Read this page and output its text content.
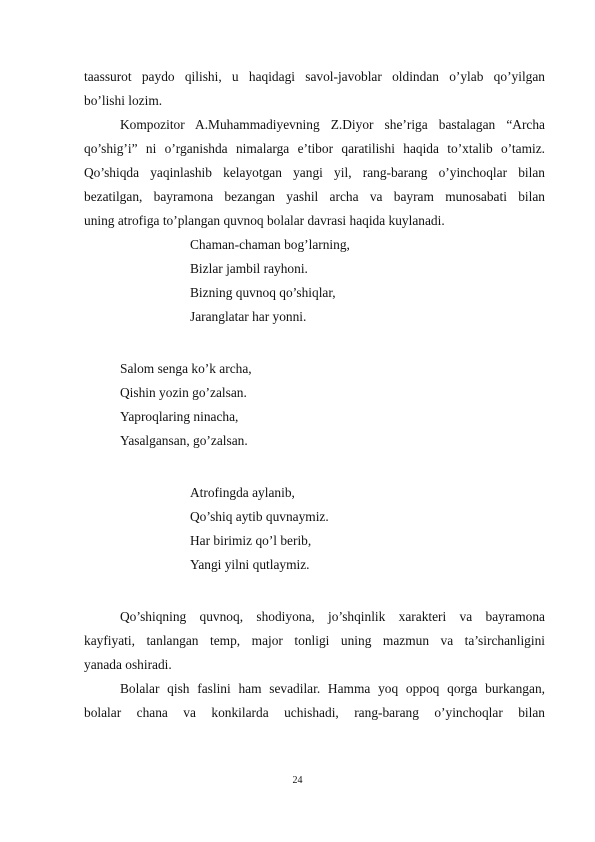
taassurot paydo qilishi, u haqidagi savol-javoblar oldindan o’ylab qo’yilgan
bo’lishi lozim.
Kompozitor A.Muhammadiyevning Z.Diyor she’riga bastalagan “Archa
qo’shig’i” ni o’rganishda nimalarga e’tibor qaratilishi haqida to’xtalib o’tamiz.
Qo’shiqda yaqinlashib kelayotgan yangi yil, rang-barang o’yinchoqlar bilan
bezatilgan, bayramona bezangan yashil archa va bayram munosabati bilan
uning atrofiga to’plangan quvnoq bolalar davrasi haqida kuylanadi.
Chaman-chaman bog’larning,
Bizlar jambil rayhoni.
Bizning quvnoq qo’shiqlar,
Jaranglatar har yonni.
Salom senga ko’k archa,
Qishin yozin go’zalsan.
Yaproqlaring ninacha,
Yasalgansan, go’zalsan.
Atrofingda aylanib,
Qo’shiq aytib quvnaymiz.
Har birimiz qo’l berib,
Yangi yilni qutlaymiz.
Qo’shiqning quvnoq, shodiyona, jo’shqinlik xarakteri va bayramona
kayfiyati, tanlangan temp, major tonligi uning mazmun va ta’sirchanligini
yanada oshiradi.
Bolalar qish faslini ham sevadilar. Hamma yoq oppoq qorga burkangan,
bolalar chana va konkilarda uchishadi, rang-barang o’yinchoqlar bilan
24
